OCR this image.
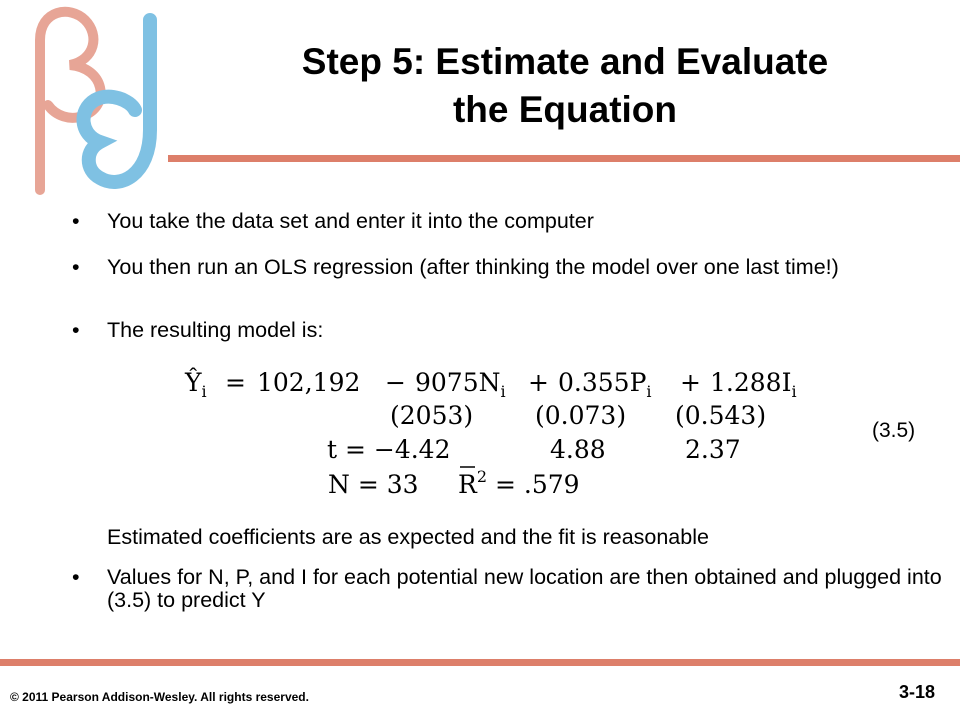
Step 5: Estimate and Evaluate
the Equation
• You take the data set and enter it into the computer
• You then run an OLS regression (after thinking the model over one last time!)
• The resulting model is:
$Ŷ_i = 102,192 - 9075N_i + 0.355P_i + 1.288I_i$
(2053) (0.073) (0.543)
t = −4.42	4.88	2.37
N = 33 $R^2 = .579$
(3.5)
Estimated coefficients are as expected and the fit is reasonable
• Values for N, P, and I for each potential new location are then obtained and plugged into (3.5) to predict Y
© 2011 Pearson Addison-Wesley. All rights reserved.	3-18
